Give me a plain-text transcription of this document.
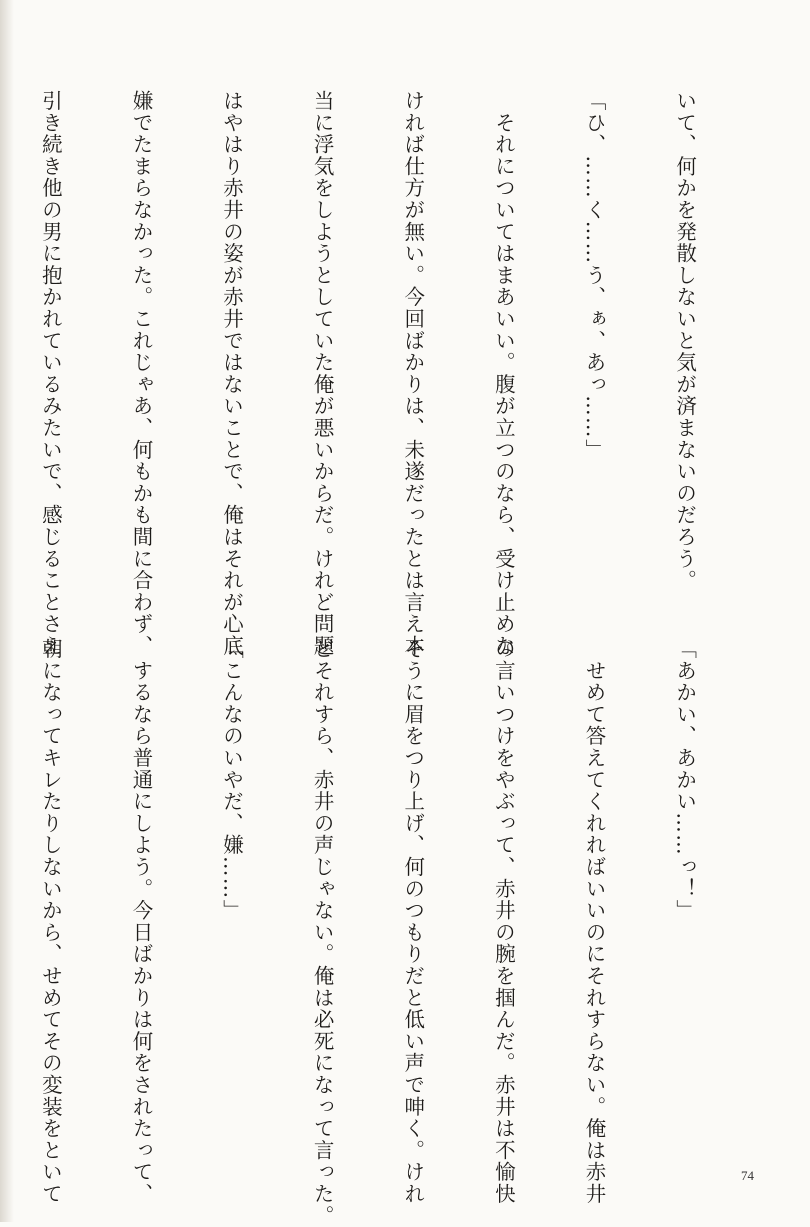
いて、何かを発散しないと気が済まないのだろう。

「ひ、……く……う、ぁ、あっ……」

　それについてはまあいい。腹が立つのなら、受け止めな

ければ仕方が無い。今回ばかりは、未遂だったとは言え本

当に浮気をしようとしていた俺が悪いからだ。けれど問題

はやはり赤井の姿が赤井ではないことで、俺はそれが心底

嫌でたまらなかった。これじゃあ、何もかも間に合わず、

引き続き他の男に抱かれているみたいで、感じることさえ

「あかい、あかい……っ！」

　せめて答えてくれればいいのにそれすらない。俺は赤井

の言いつけをやぶって、赤井の腕を掴んだ。赤井は不愉快

そうに眉をつり上げ、何のつもりだと低い声で呻く。けれ

どそれすら、赤井の声じゃない。俺は必死になって言った。

「こんなのいやだ、嫌……」

　するなら普通にしよう。今日ばかりは何をされたって、

朝になってキレたりしないから、せめてその変装をといて

	74
